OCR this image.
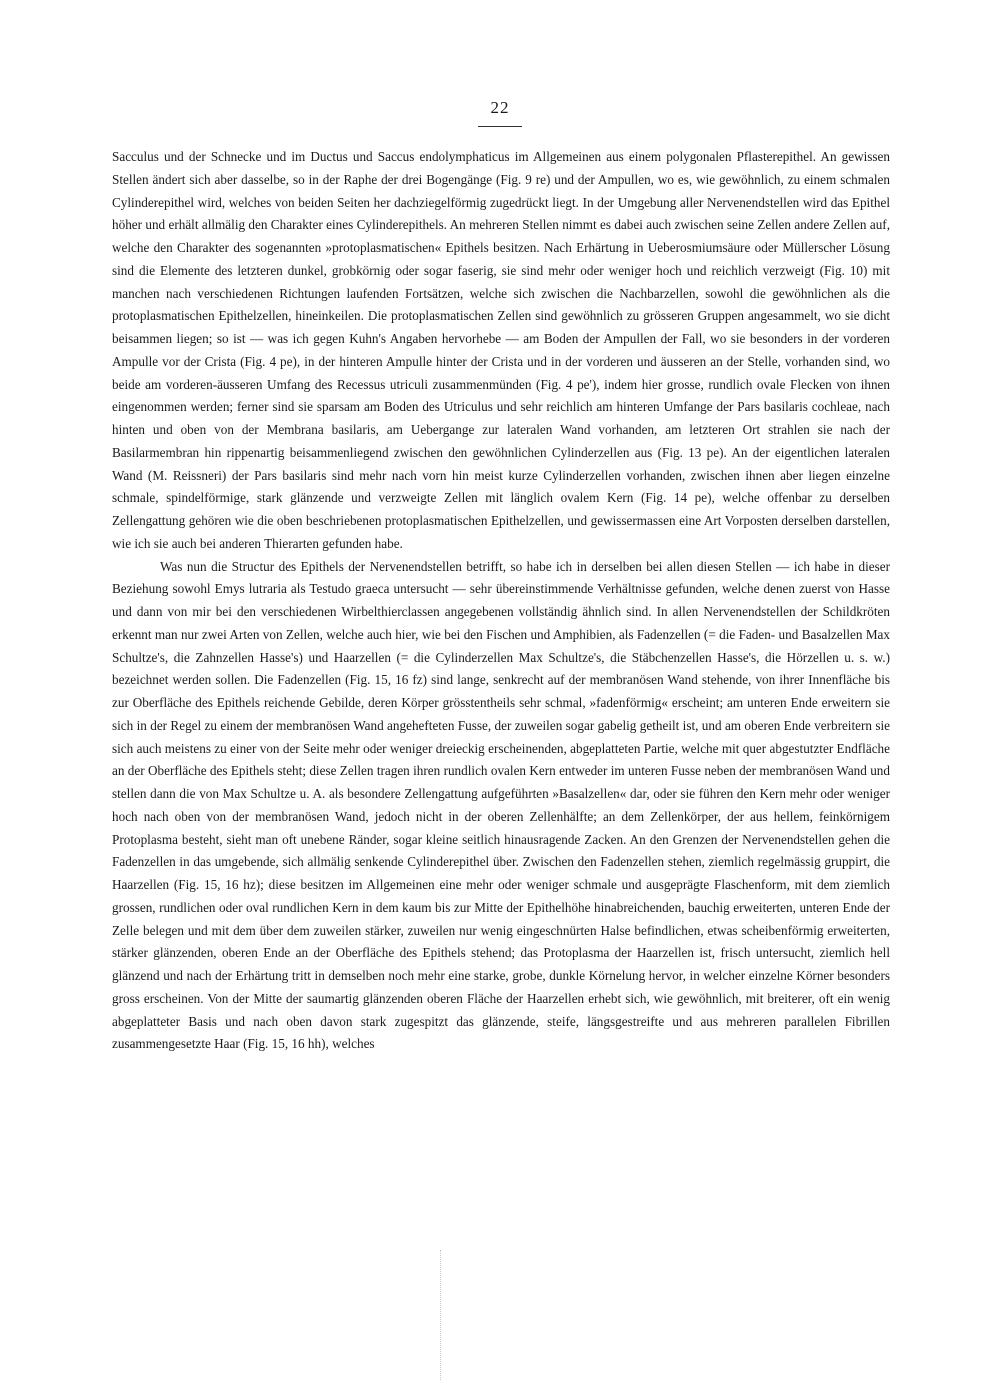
22

Sacculus und der Schnecke und im Ductus und Saccus endolymphaticus im Allgemeinen aus einem polygonalen Pflasterepithel. An gewissen Stellen ändert sich aber dasselbe, so in der Raphe der drei Bogengänge (Fig. 9 re) und der Ampullen, wo es, wie gewöhnlich, zu einem schmalen Cylinderepithel wird, welches von beiden Seiten her dachziegelförmig zugedrückt liegt. In der Umgebung aller Nervenendstellen wird das Epithel höher und erhält allmälig den Charakter eines Cylinderepithels. An mehreren Stellen nimmt es dabei auch zwischen seine Zellen andere Zellen auf, welche den Charakter des sogenannten »protoplasmatischen« Epithels besitzen. Nach Erhärtung in Ueberosmiumsäure oder Müllerscher Lösung sind die Elemente des letzteren dunkel, grobkörnig oder sogar faserig, sie sind mehr oder weniger hoch und reichlich verzweigt (Fig. 10) mit manchen nach verschiedenen Richtungen laufenden Fortsätzen, welche sich zwischen die Nachbarzellen, sowohl die gewöhnlichen als die protoplasmatischen Epithelzellen, hineinkeilen. Die protoplasmatischen Zellen sind gewöhnlich zu grösseren Gruppen angesammelt, wo sie dicht beisammen liegen; so ist — was ich gegen Kuhn's Angaben hervorhebe — am Boden der Ampullen der Fall, wo sie besonders in der vorderen Ampulle vor der Crista (Fig. 4 pe), in der hinteren Ampulle hinter der Crista und in der vorderen und äusseren an der Stelle, vorhanden sind, wo beide am vorderen-äusseren Umfang des Recessus utriculi zusammenmünden (Fig. 4 pe'), indem hier grosse, rundlich ovale Flecken von ihnen eingenommen werden; ferner sind sie sparsam am Boden des Utriculus und sehr reichlich am hinteren Umfange der Pars basilaris cochleae, nach hinten und oben von der Membrana basilaris, am Uebergange zur lateralen Wand vorhanden, am letzteren Ort strahlen sie nach der Basilarmembran hin rippenartig beisammenliegend zwischen den gewöhnlichen Cylinderzellen aus (Fig. 13 pe). An der eigentlichen lateralen Wand (M. Reissneri) der Pars basilaris sind mehr nach vorn hin meist kurze Cylinderzellen vorhanden, zwischen ihnen aber liegen einzelne schmale, spindelförmige, stark glänzende und verzweigte Zellen mit länglich ovalem Kern (Fig. 14 pe), welche offenbar zu derselben Zellengattung gehören wie die oben beschriebenen protoplasmatischen Epithelzellen, und gewissermassen eine Art Vorposten derselben darstellen, wie ich sie auch bei anderen Thierarten gefunden habe.

Was nun die Structur des Epithels der Nervenendstellen betrifft, so habe ich in derselben bei allen diesen Stellen — ich habe in dieser Beziehung sowohl Emys lutraria als Testudo graeca untersucht — sehr übereinstimmende Verhältnisse gefunden, welche denen zuerst von Hasse und dann von mir bei den verschiedenen Wirbelthierclassen angegebenen vollständig ähnlich sind. In allen Nervenendstellen der Schildkröten erkennt man nur zwei Arten von Zellen, welche auch hier, wie bei den Fischen und Amphibien, als Fadenzellen (= die Faden- und Basalzellen Max Schultze's, die Zahnzellen Hasse's) und Haarzellen (= die Cylinderzellen Max Schultze's, die Stäbchenzellen Hasse's, die Hörzellen u. s. w.) bezeichnet werden sollen. Die Fadenzellen (Fig. 15, 16 fz) sind lange, senkrecht auf der membranösen Wand stehende, von ihrer Innenfläche bis zur Oberfläche des Epithels reichende Gebilde, deren Körper grösstentheils sehr schmal, »fadenförmig« erscheint; am unteren Ende erweitern sie sich in der Regel zu einem der membranösen Wand angehefteten Fusse, der zuweilen sogar gabelig getheilt ist, und am oberen Ende verbreitern sie sich auch meistens zu einer von der Seite mehr oder weniger dreieckig erscheinenden, abgeplatteten Partie, welche mit quer abgestutzter Endfläche an der Oberfläche des Epithels steht; diese Zellen tragen ihren rundlich ovalen Kern entweder im unteren Fusse neben der membranösen Wand und stellen dann die von Max Schultze u. A. als besondere Zellengattung aufgeführten »Basalzellen« dar, oder sie führen den Kern mehr oder weniger hoch nach oben von der membranösen Wand, jedoch nicht in der oberen Zellenhälfte; an dem Zellenkörper, der aus hellem, feinkörnigem Protoplasma besteht, sieht man oft unebene Ränder, sogar kleine seitlich hinausragende Zacken. An den Grenzen der Nervenendstellen gehen die Fadenzellen in das umgebende, sich allmälig senkende Cylinderepithel über. Zwischen den Fadenzellen stehen, ziemlich regelmässig gruppirt, die Haarzellen (Fig. 15, 16 hz); diese besitzen im Allgemeinen eine mehr oder weniger schmale und ausgeprägte Flaschenform, mit dem ziemlich grossen, rundlichen oder oval rundlichen Kern in dem kaum bis zur Mitte der Epithelhöhe hinabreichenden, bauchig erweiterten, unteren Ende der Zelle belegen und mit dem über dem zuweilen stärker, zuweilen nur wenig eingeschnürten Halse befindlichen, etwas scheibenförmig erweiterten, stärker glänzenden, oberen Ende an der Oberfläche des Epithels stehend; das Protoplasma der Haarzellen ist, frisch untersucht, ziemlich hell glänzend und nach der Erhärtung tritt in demselben noch mehr eine starke, grobe, dunkle Körnelung hervor, in welcher einzelne Körner besonders gross erscheinen. Von der Mitte der saumartig glänzenden oberen Fläche der Haarzellen erhebt sich, wie gewöhnlich, mit breiterer, oft ein wenig abgeplatteter Basis und nach oben davon stark zugespitzt das glänzende, steife, längsgestreifte und aus mehreren parallelen Fibrillen zusammengesetzte Haar (Fig. 15, 16 hh), welches
